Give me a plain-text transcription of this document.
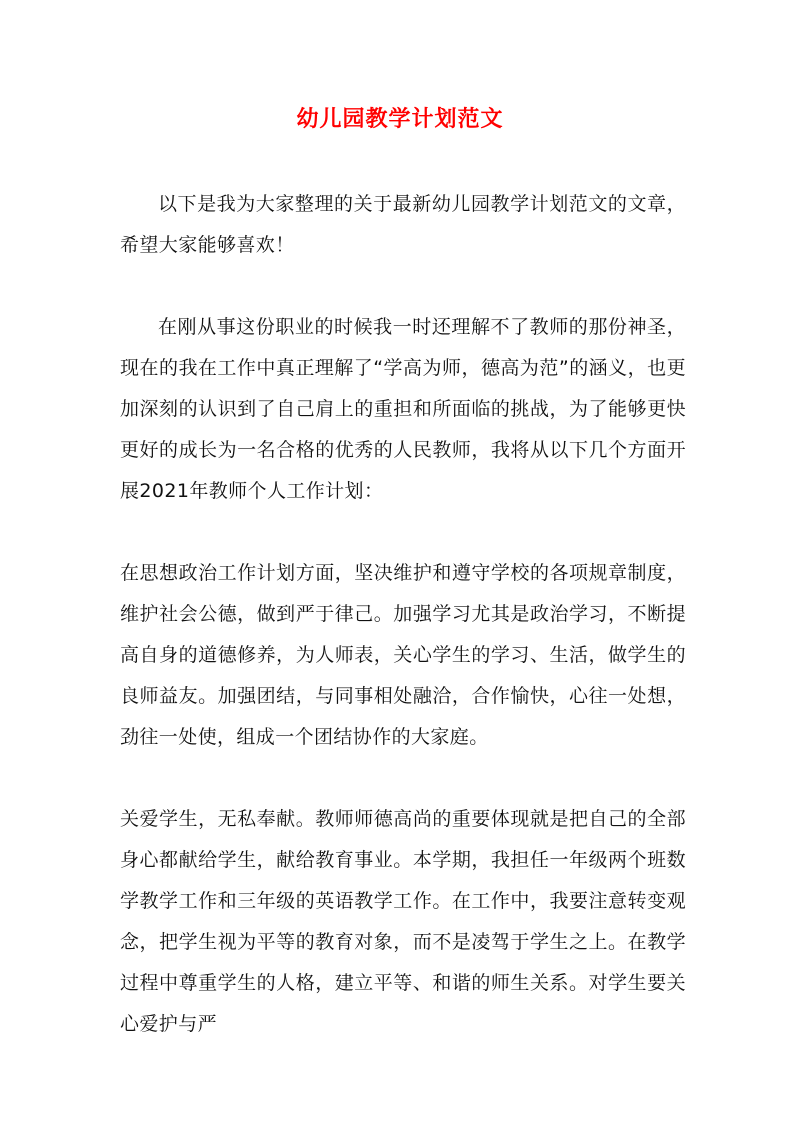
幼儿园教学计划范文

以下是我为大家整理的关于最新幼儿园教学计划范文的文章，希望大家能够喜欢！

在刚从事这份职业的时候我一时还理解不了教师的那份神圣，现在的我在工作中真正理解了“学高为师，德高为范”的涵义，也更加深刻的认识到了自己肩上的重担和所面临的挑战，为了能够更快更好的成长为一名合格的优秀的人民教师，我将从以下几个方面开展2021年教师个人工作计划：

在思想政治工作计划方面，坚决维护和遵守学校的各项规章制度，维护社会公德，做到严于律己。加强学习尤其是政治学习，不断提高自身的道德修养，为人师表，关心学生的学习、生活，做学生的良师益友。加强团结，与同事相处融洽，合作愉快，心往一处想，劲往一处使，组成一个团结协作的大家庭。

关爱学生，无私奉献。教师师德高尚的重要体现就是把自己的全部身心都献给学生，献给教育事业。本学期，我担任一年级两个班数学教学工作和三年级的英语教学工作。在工作中，我要注意转变观念，把学生视为平等的教育对象，而不是凌驾于学生之上。在教学过程中尊重学生的人格，建立平等、和谐的师生关系。对学生要关心爱护与严
